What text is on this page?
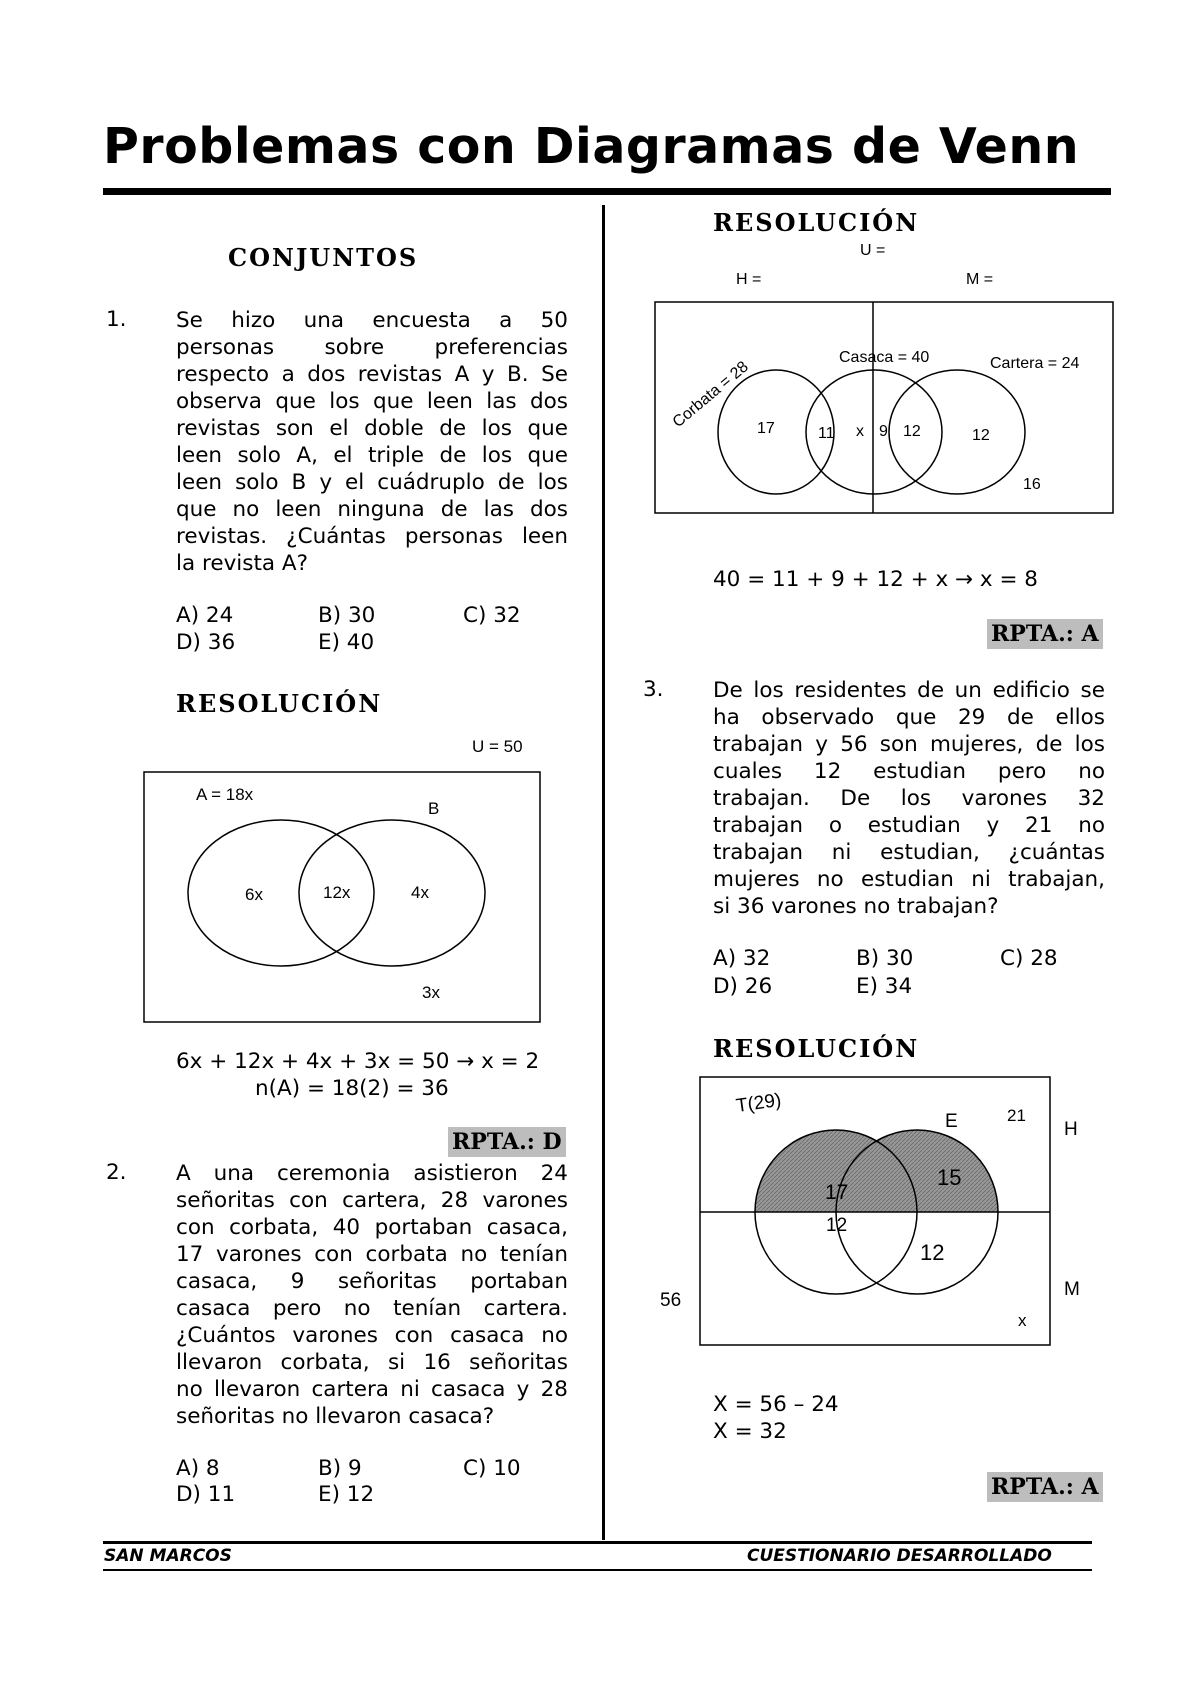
Problemas con Diagramas de Venn
CONJUNTOS
1. Se hizo una encuesta a 50
personas sobre preferencias
respecto a dos revistas A y B. Se
observa que los que leen las dos
revistas son el doble de los que
leen solo A, el triple de los que
leen solo B y el cuádruplo de los
que no leen ninguna de las dos
revistas. ¿Cuántas personas leen
la revista A?
A) 24	B) 30	C) 32
D) 36	E) 40
RESOLUCIÓN
U = 50
A = 18x
B
6x	12x	4x
3x
6x + 12x + 4x + 3x = 50 → x = 2
n(A) = 18(2) = 36
RPTA.: D
2. A una ceremonia asistieron 24
señoritas con cartera, 28 varones
con corbata, 40 portaban casaca,
17 varones con corbata no tenían
casaca, 9 señoritas portaban
casaca pero no tenían cartera.
¿Cuántos varones con casaca no
llevaron corbata, si 16 señoritas
no llevaron cartera ni casaca y 28
señoritas no llevaron casaca?
A) 8	B) 9	C) 10
D) 11	E) 12
RESOLUCIÓN
U =
H =	M =
Corbata = 28
Casaca = 40	Cartera = 24
17	11 x 9 12	12
16
40 = 11 + 9 + 12 + x → x = 8
RPTA.: A
3. De los residentes de un edificio se
ha observado que 29 de ellos
trabajan y 56 son mujeres, de los
cuales 12 estudian pero no
trabajan. De los varones 32
trabajan o estudian y 21 no
trabajan ni estudian, ¿cuántas
mujeres no estudian ni trabajan,
si 36 varones no trabajan?
A) 32	B) 30	C) 28
D) 26	E) 34
RESOLUCIÓN
T(29)
E	21
H
17
15
12
12
M
56
x
X = 56 – 24
X = 32
RPTA.: A
SAN MARCOS	CUESTIONARIO DESARROLLADO
